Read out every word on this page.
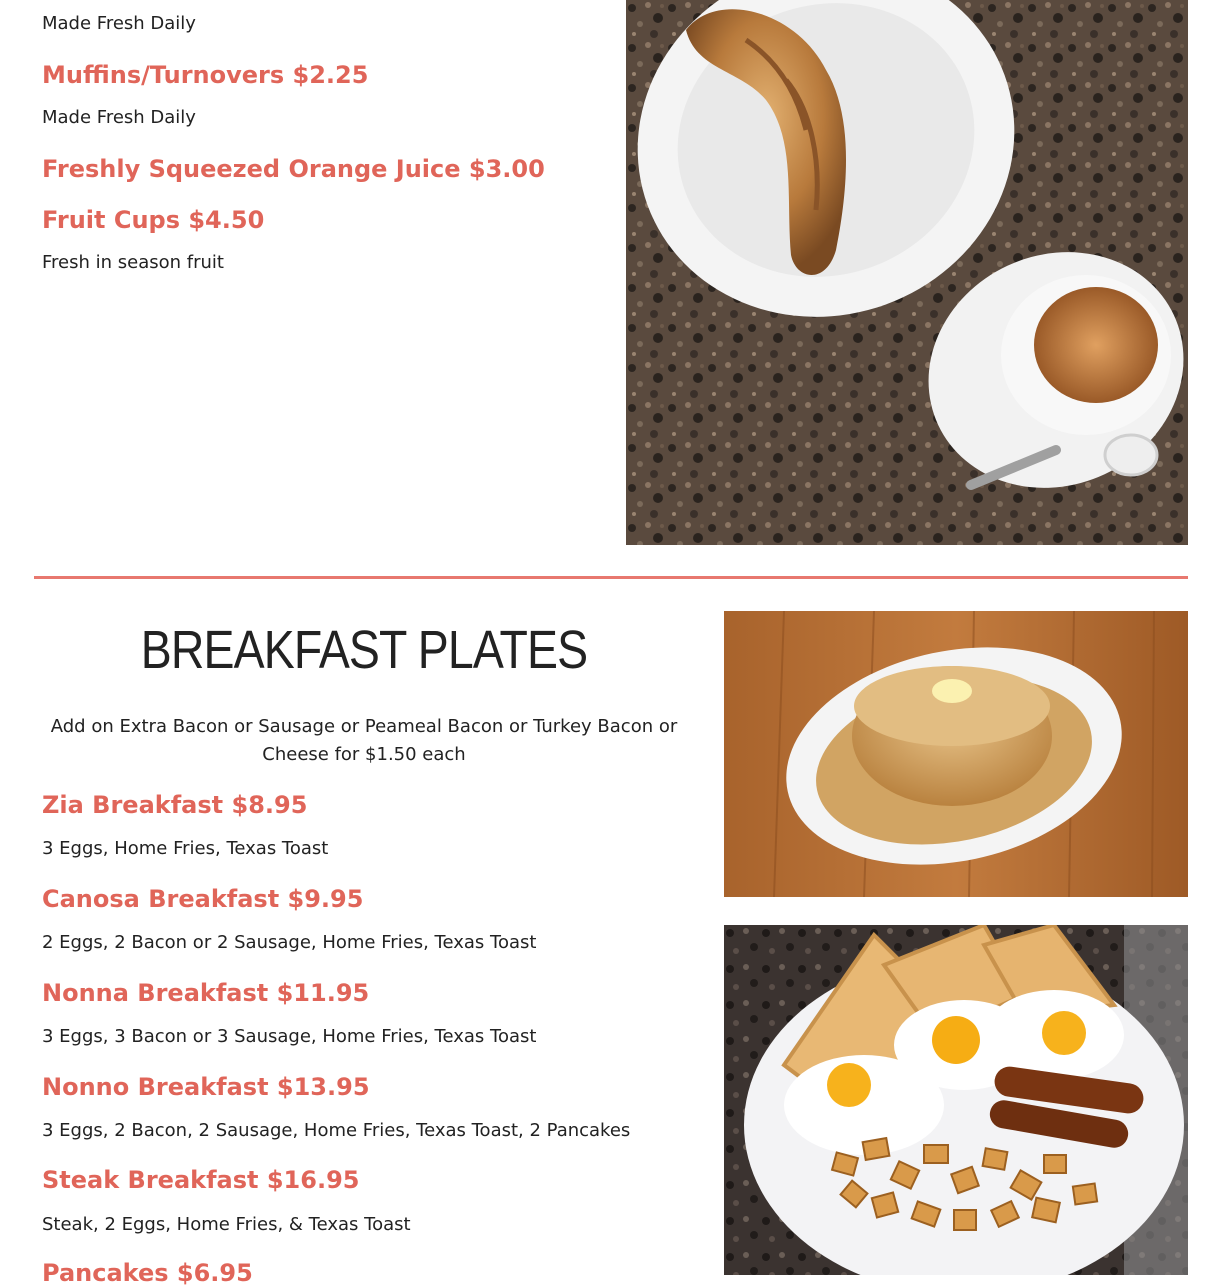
Made Fresh Daily

Muffins/Turnovers $2.25

Made Fresh Daily

Freshly Squeezed Orange Juice $3.00
Fruit Cups $4.50

Fresh in season fruit

BREAKFAST PLATES

Add on Extra Bacon or Sausage or Peameal Bacon or Turkey Bacon or Cheese for $1.50 each

Zia Breakfast $8.95

3 Eggs, Home Fries, Texas Toast

Canosa Breakfast $9.95

2 Eggs, 2 Bacon or 2 Sausage, Home Fries, Texas Toast

Nonna Breakfast $11.95

3 Eggs, 3 Bacon or 3 Sausage, Home Fries, Texas Toast

Nonno Breakfast $13.95

3 Eggs, 2 Bacon, 2 Sausage, Home Fries, Texas Toast, 2 Pancakes

Steak Breakfast $16.95

Steak, 2 Eggs, Home Fries, & Texas Toast

Pancakes $6.95
